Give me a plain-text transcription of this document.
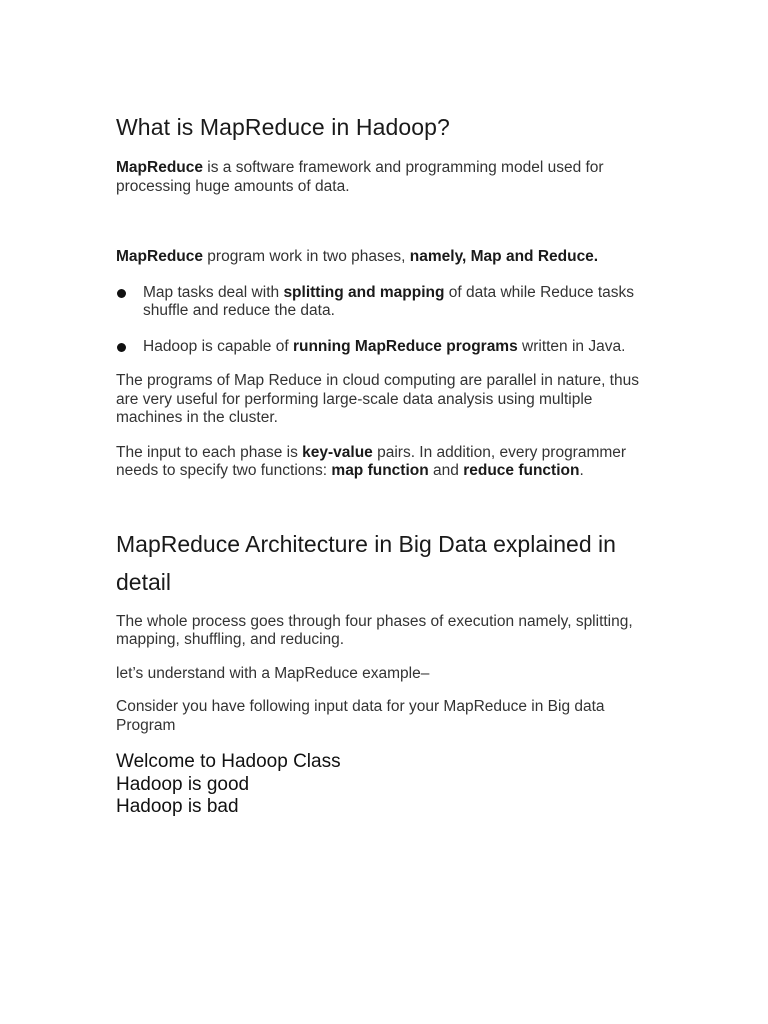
What is MapReduce in Hadoop?

MapReduce is a software framework and programming model used for processing huge amounts of data.

MapReduce program work in two phases, namely, Map and Reduce.

Map tasks deal with splitting and mapping of data while Reduce tasks shuffle and reduce the data.
Hadoop is capable of running MapReduce programs written in Java.

The programs of Map Reduce in cloud computing are parallel in nature, thus are very useful for performing large-scale data analysis using multiple machines in the cluster.

The input to each phase is key-value pairs. In addition, every programmer needs to specify two functions: map function and reduce function.

MapReduce Architecture in Big Data explained in detail

The whole process goes through four phases of execution namely, splitting, mapping, shuffling, and reducing.

let’s understand with a MapReduce example–

Consider you have following input data for your MapReduce in Big data Program

Welcome to Hadoop Class
Hadoop is good
Hadoop is bad
